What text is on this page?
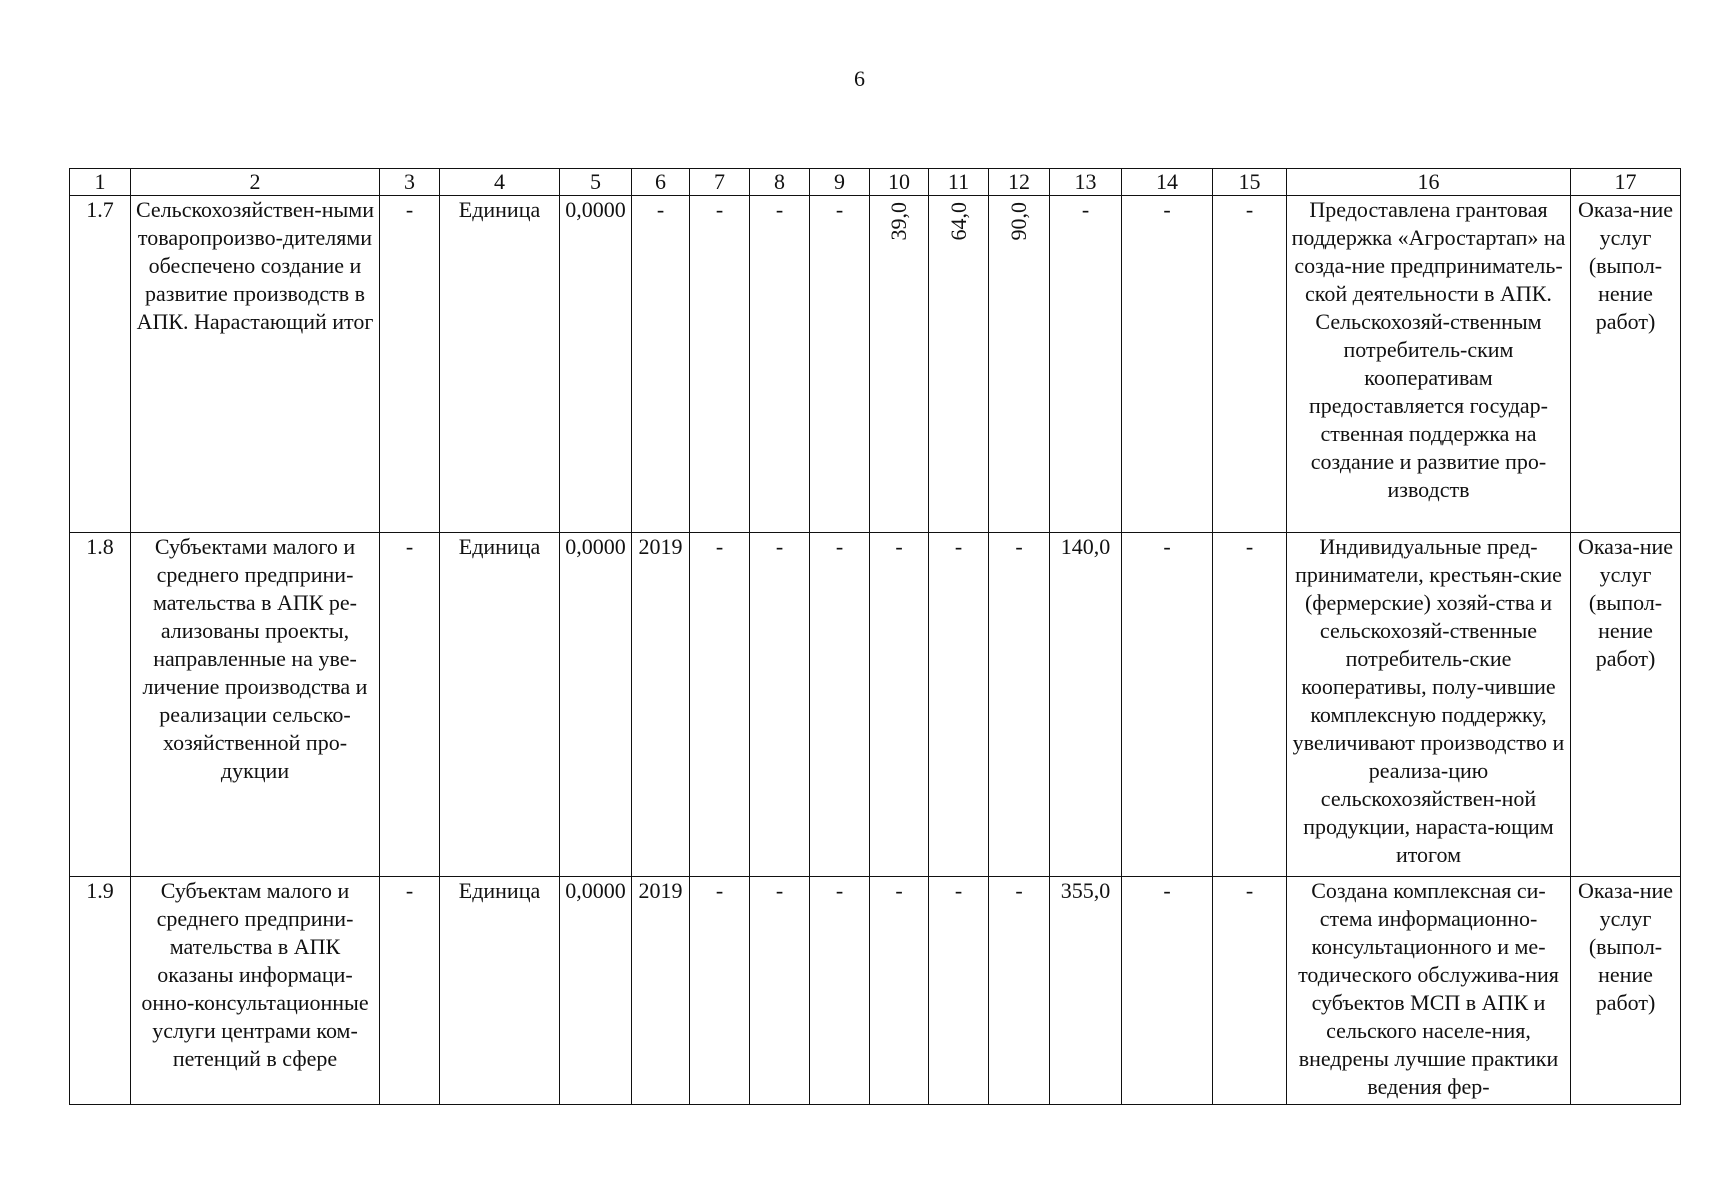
6
1	2	3	4	5	6	7	8	9	10	11	12	13	14	15	16	17
1.7	Сельскохозяйствен-ными товаропроизво-дителями обеспечено создание и развитие производств в АПК. Нарастающий итог	-	Единица	0,0000	-	-	-	-	39,0	64,0	90,0	-	-	-	Предоставлена грантовая поддержка «Агростартап» на созда-ние предприниматель-ской деятельности в АПК. Сельскохозяй-ственным потребитель-ским кооперативам предоставляется государ-ственная поддержка на создание и развитие про-изводств	Оказа-ние услуг (выпол-нение работ)
1.8	Субъектами малого и среднего предприни-мательства в АПК ре-ализованы проекты, направленные на уве-личение производства и реализации сельско-хозяйственной про-дукции	-	Единица	0,0000	2019	-	-	-	-	-	-	140,0	-	-	Индивидуальные пред-приниматели, крестьян-ские (фермерские) хозяй-ства и сельскохозяй-ственные потребитель-ские кооперативы, полу-чившие комплексную поддержку, увеличивают производство и реализа-цию сельскохозяйствен-ной продукции, нараста-ющим итогом	Оказа-ние услуг (выпол-нение работ)
1.9	Субъектам малого и среднего предприни-мательства в АПК оказаны информаци-онно-консультационные услуги центрами ком-петенций в сфере	-	Единица	0,0000	2019	-	-	-	-	-	-	355,0	-	-	Создана комплексная си-стема информационно-консультационного и ме-тодического обслужива-ния субъектов МСП в АПК и сельского населе-ния, внедрены лучшие практики ведения фер-	Оказа-ние услуг (выпол-нение работ)
